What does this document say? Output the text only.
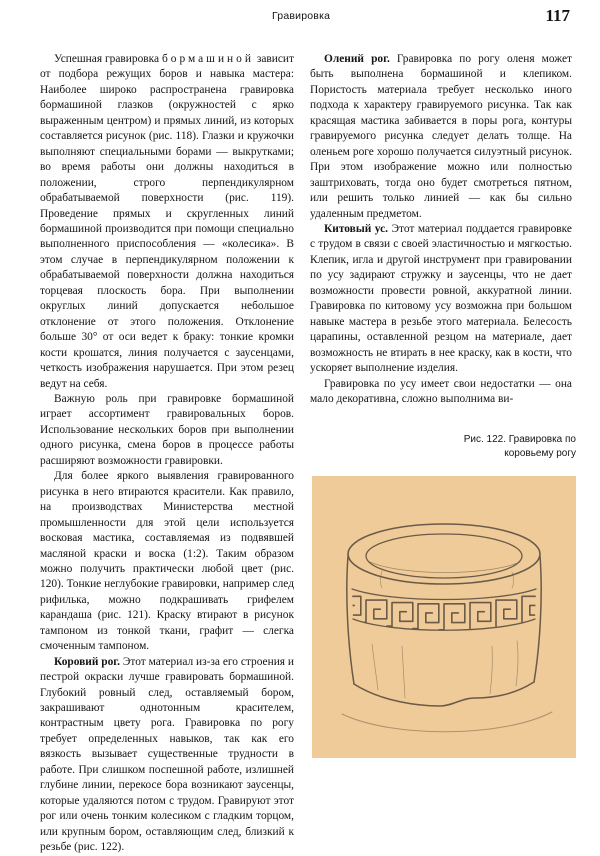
Гравировка	117

Успешная гравировка бормашиной зависит от подбора режущих боров и навыка мастера: Наиболее широко распространена гравировка бормашиной глазков (окружностей с ярко выраженным центром) и прямых линий, из которых составляется рисунок (рис. 118). Глазки и кружочки выполняют специальными борами — выкрутками; во время работы они должны находиться в положении, строго перпендикулярном обрабатываемой поверхности (рис. 119). Проведение прямых и скругленных линий бормашиной производится при помощи специально выполненного приспособления — «колесика». В этом случае в перпендикулярном положении к обрабатываемой поверхности должна находиться торцевая плоскость бора. При выполнении округлых линий допускается небольшое отклонение от этого положения. Отклонение больше 30° от оси ведет к браку: тонкие кромки кости крошатся, линия получается с заусенцами, четкость изображения нарушается. При этом резец ведут на себя.

Важную роль при гравировке бормашиной играет ассортимент гравировальных боров. Использование нескольких боров при выполнении одного рисунка, смена боров в процессе работы расширяют возможности гравировки.

Для более яркого выявления гравированного рисунка в него втираются красители. Как правило, на производствах Министерства местной промышленности для этой цели используется восковая мастика, составляемая из подвявшей масляной краски и воска (1:2). Таким образом можно получить практически любой цвет (рис. 120). Тонкие неглубокие гравировки, например след рифилька, можно подкрашивать грифелем карандаша (рис. 121). Краску втирают в рисунок тампоном из тонкой ткани, графит — слегка смоченным тампоном.

Коровий рог. Этот материал из-за его строения и пестрой окраски лучше гравировать бормашиной. Глубокий ровный след, оставляемый бором, закрашивают однотонным красителем, контрастным цвету рога. Гравировка по рогу требует определенных навыков, так как его вязкость вызывает существенные трудности в работе. При слишком поспешной работе, излишней глубине линии, перекосе бора возникают заусенцы, которые удаляются потом с трудом. Гравируют этот рог или очень тонким колесиком с гладким торцом, или крупным бором, оставляющим след, близкий к резьбе (рис. 122).

Олений рог. Гравировка по рогу оленя может быть выполнена бормашиной и клепиком. Пористость материала требует несколько иного подхода к характеру гравируемого рисунка. Так как красящая мастика забивается в поры рога, контуры гравируемого рисунка следует делать толще. На оленьем роге хорошо получается силуэтный рисунок. При этом изображение можно или полностью заштриховать, тогда оно будет смотреться пятном, или решить только линией — как бы сильно удаленным предметом.

Китовый ус. Этот материал поддается гравировке с трудом в связи с своей эластичностью и мягкостью. Клепик, игла и другой инструмент при гравировании по усу задирают стружку и заусенцы, что не дает возможности провести ровной, аккуратной линии. Гравировка по китовому усу возможна при большом навыке мастера в резьбе этого материала. Белесость царапины, оставленной резцом на материале, дает возможность не втирать в нее краску, как в кости, что ускоряет выполнение изделия.

Гравировка по усу имеет свои недостатки — она мало декоративна, сложно выполнима ви-

Рис. 122. Гравировка по коровьему рогу
